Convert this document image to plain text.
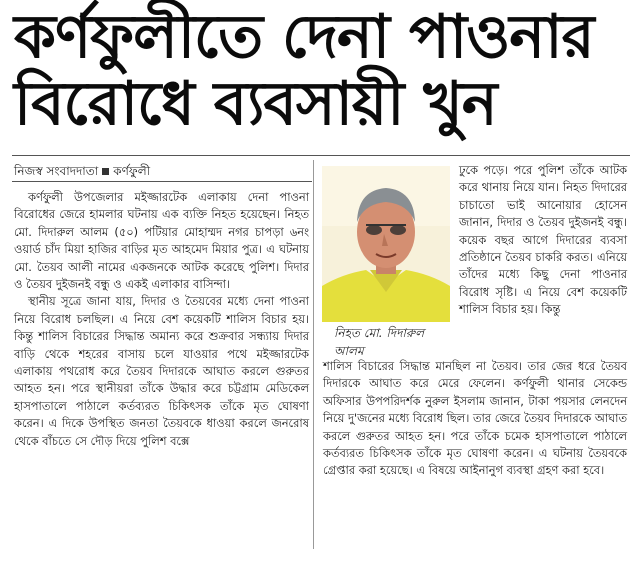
কর্ণফুলীতে দেনা পাওনার
বিরোধে ব্যবসায়ী খুন
নিজস্ব সংবাদদাতা কর্ণফুলী

কর্ণফুলী উপজেলার মইজ্জারটেক এলাকায় দেনা পাওনা বিরোধের জেরে হামলার ঘটনায় এক ব্যক্তি নিহত হয়েছেন। নিহত মো. দিদারুল আলম (৫০) পটিয়ার মোহাম্মদ নগর চাপড়া ৬নং ওয়ার্ড চাঁদ মিয়া হাজির বাড়ির মৃত আহমেদ মিয়ার পুত্র। এ ঘটনায় মো. তৈয়ব আলী নামের একজনকে আটক করেছে পুলিশ। দিদার ও তৈয়ব দুইজনই বন্ধু ও একই এলাকার বাসিন্দা।

স্থানীয় সূত্রে জানা যায়, দিদার ও তৈয়বের মধ্যে দেনা পাওনা নিয়ে বিরোধ চলছিল। এ নিয়ে বেশ কয়েকটি শালিস বিচার হয়। কিন্তু শালিস বিচারের সিদ্ধান্ত অমান্য করে শুক্রবার সন্ধ্যায় দিদার বাড়ি থেকে শহরের বাসায় চলে যাওয়ার পথে মইজ্জারটেক এলাকায় পথরোধ করে তৈয়ব দিদারকে আঘাত করলে গুরুতর আহত হন। পরে স্থানীয়রা তাঁকে উদ্ধার করে চট্টগ্রাম মেডিকেল হাসপাতালে পাঠালে কর্তব্যরত চিকিৎসক তাঁকে মৃত ঘোষণা করেন। এ দিকে উপস্থিত জনতা তৈয়বকে ধাওয়া করলে জনরোষ থেকে বাঁচতে সে দৌড় দিয়ে পুলিশ বক্সে

নিহত মো. দিদারুল আলম

ঢুকে পড়ে। পরে পুলিশ তাঁকে আটক করে থানায় নিয়ে যান। নিহত দিদারের চাচাতো ভাই আনোয়ার হোসেন জানান, দিদার ও তৈয়ব দুইজনই বন্ধু। কয়েক বছর আগে দিদারের ব্যবসা প্রতিষ্ঠানে তৈয়ব চাকরি করত। এনিয়ে তাঁদের মধ্যে কিছু দেনা পাওনার বিরোধ সৃষ্টি। এ নিয়ে বেশ কয়েকটি শালিস বিচার হয়। কিন্তু

শালিস বিচারের সিদ্ধান্ত মানছিল না তৈয়ব। তার জের ধরে তৈয়ব দিদারকে আঘাত করে মেরে ফেলেন। কর্ণফুলী থানার সেকেন্ড অফিসার উপপরিদর্শক নুরুল ইসলাম জানান, টাকা পয়সার লেনদেন নিয়ে দু'জনের মধ্যে বিরোধ ছিল। তার জেরে তৈয়ব দিদারকে আঘাত করলে গুরুতর আহত হন। পরে তাঁকে চমেক হাসপাতালে পাঠালে কর্তব্যরত চিকিৎসক তাঁকে মৃত ঘোষণা করেন। এ ঘটনায় তৈয়বকে গ্রেপ্তার করা হয়েছে। এ বিষয়ে আইনানুগ ব্যবস্থা গ্রহণ করা হবে।
